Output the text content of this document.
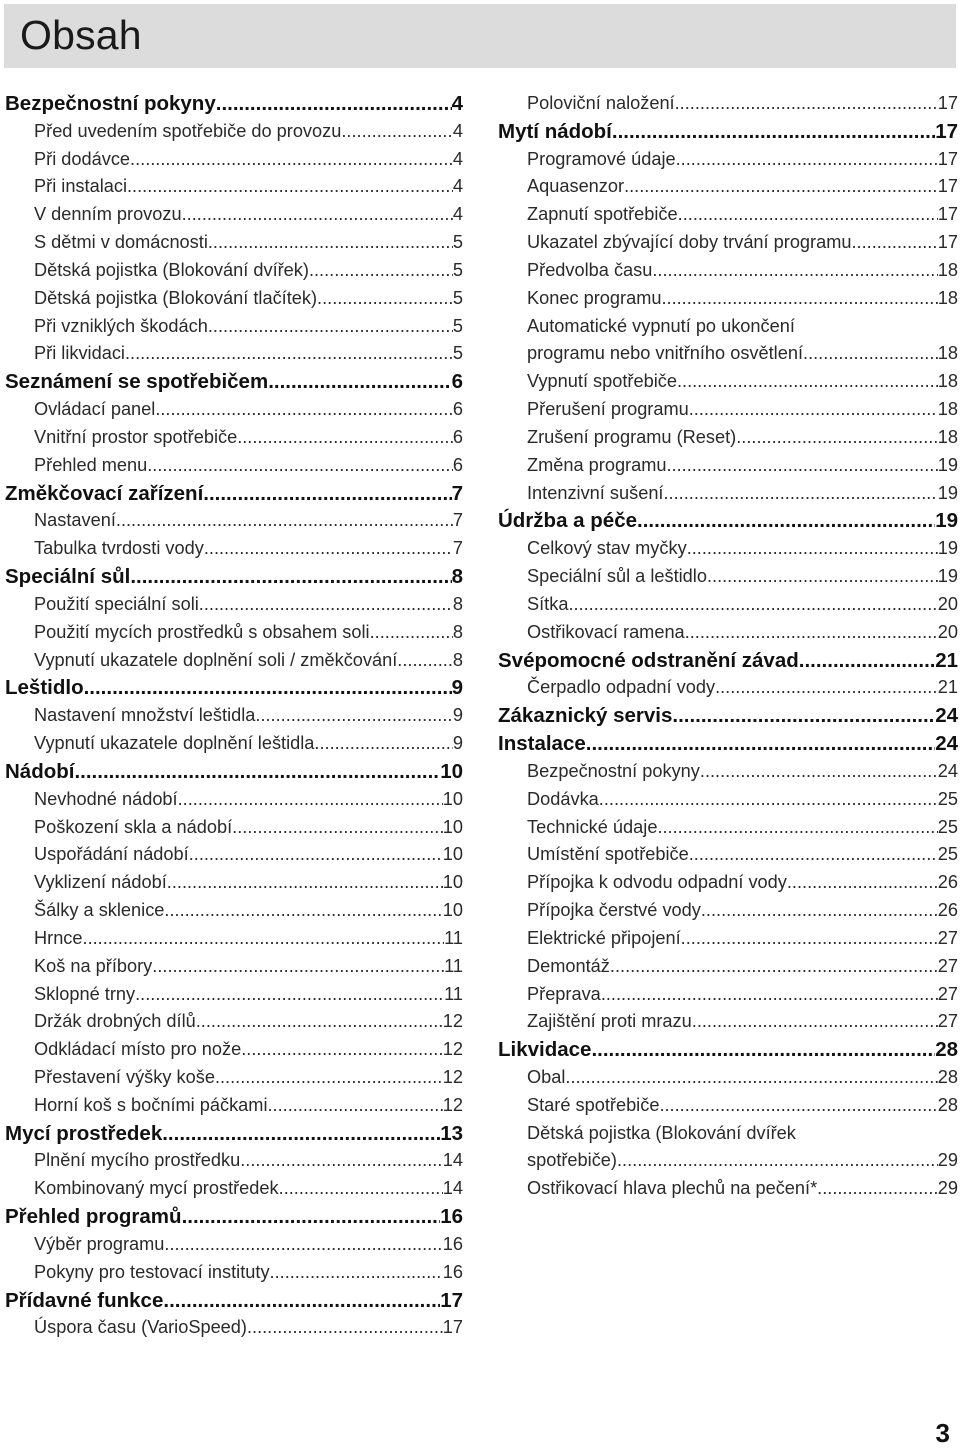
Obsah
Bezpečnostní pokyny .....	4
Před uvedením spotřebiče do provozu .....	4
Při dodávce .....	4
Při instalaci .....	4
V denním provozu .....	4
S dětmi v domácnosti .....	5
Dětská pojistka (Blokování dvířek) .....	5
Dětská pojistka (Blokování tlačítek) .....	5
Při vzniklých škodách .....	5
Při likvidaci .....	5
Seznámení se spotřebičem .....	6
Ovládací panel .....	6
Vnitřní prostor spotřebiče .....	6
Přehled menu .....	6
Změkčovací zařízení .....	7
Nastavení .....	7
Tabulka tvrdosti vody .....	7
Speciální sůl .....	8
Použití speciální soli .....	8
Použití mycích prostředků s obsahem soli .....	8
Vypnutí ukazatele doplnění soli / změkčování .....	8
Leštidlo .....	9
Nastavení množství leštidla .....	9
Vypnutí ukazatele doplnění leštidla .....	9
Nádobí .....	10
Nevhodné nádobí .....	10
Poškození skla a nádobí .....	10
Uspořádání nádobí .....	10
Vyklizení nádobí .....	10
Šálky a sklenice .....	10
Hrnce .....	11
Koš na příbory .....	11
Sklopné trny .....	11
Držák drobných dílů .....	12
Odkládací místo pro nože .....	12
Přestavení výšky koše .....	12
Horní koš s bočními páčkami .....	12
Mycí prostředek .....	13
Plnění mycího prostředku .....	14
Kombinovaný mycí prostředek .....	14
Přehled programů .....	16
Výběr programu .....	16
Pokyny pro testovací instituty .....	16
Přídavné funkce .....	17
Úspora času (VarioSpeed) .....	17
Poloviční naložení .....	17
Mytí nádobí .....	17
Programové údaje .....	17
Aquasenzor .....	17
Zapnutí spotřebiče .....	17
Ukazatel zbývající doby trvání programu .....	17
Předvolba času .....	18
Konec programu .....	18
Automatické vypnutí po ukončení
programu nebo vnitřního osvětlení .....	18
Vypnutí spotřebiče .....	18
Přerušení programu .....	18
Zrušení programu (Reset) .....	18
Změna programu .....	19
Intenzivní sušení .....	19
Údržba a péče .....	19
Celkový stav myčky .....	19
Speciální sůl a leštidlo .....	19
Sítka .....	20
Ostřikovací ramena .....	20
Svépomocné odstranění závad .....	21
Čerpadlo odpadní vody .....	21
Zákaznický servis .....	24
Instalace .....	24
Bezpečnostní pokyny .....	24
Dodávka .....	25
Technické údaje .....	25
Umístění spotřebiče .....	25
Přípojka k odvodu odpadní vody .....	26
Přípojka čerstvé vody .....	26
Elektrické připojení .....	27
Demontáž .....	27
Přeprava .....	27
Zajištění proti mrazu .....	27
Likvidace .....	28
Obal .....	28
Staré spotřebiče .....	28
Dětská pojistka (Blokování dvířek
spotřebiče) .....	29
Ostřikovací hlava plechů na pečení* .....	29
3
